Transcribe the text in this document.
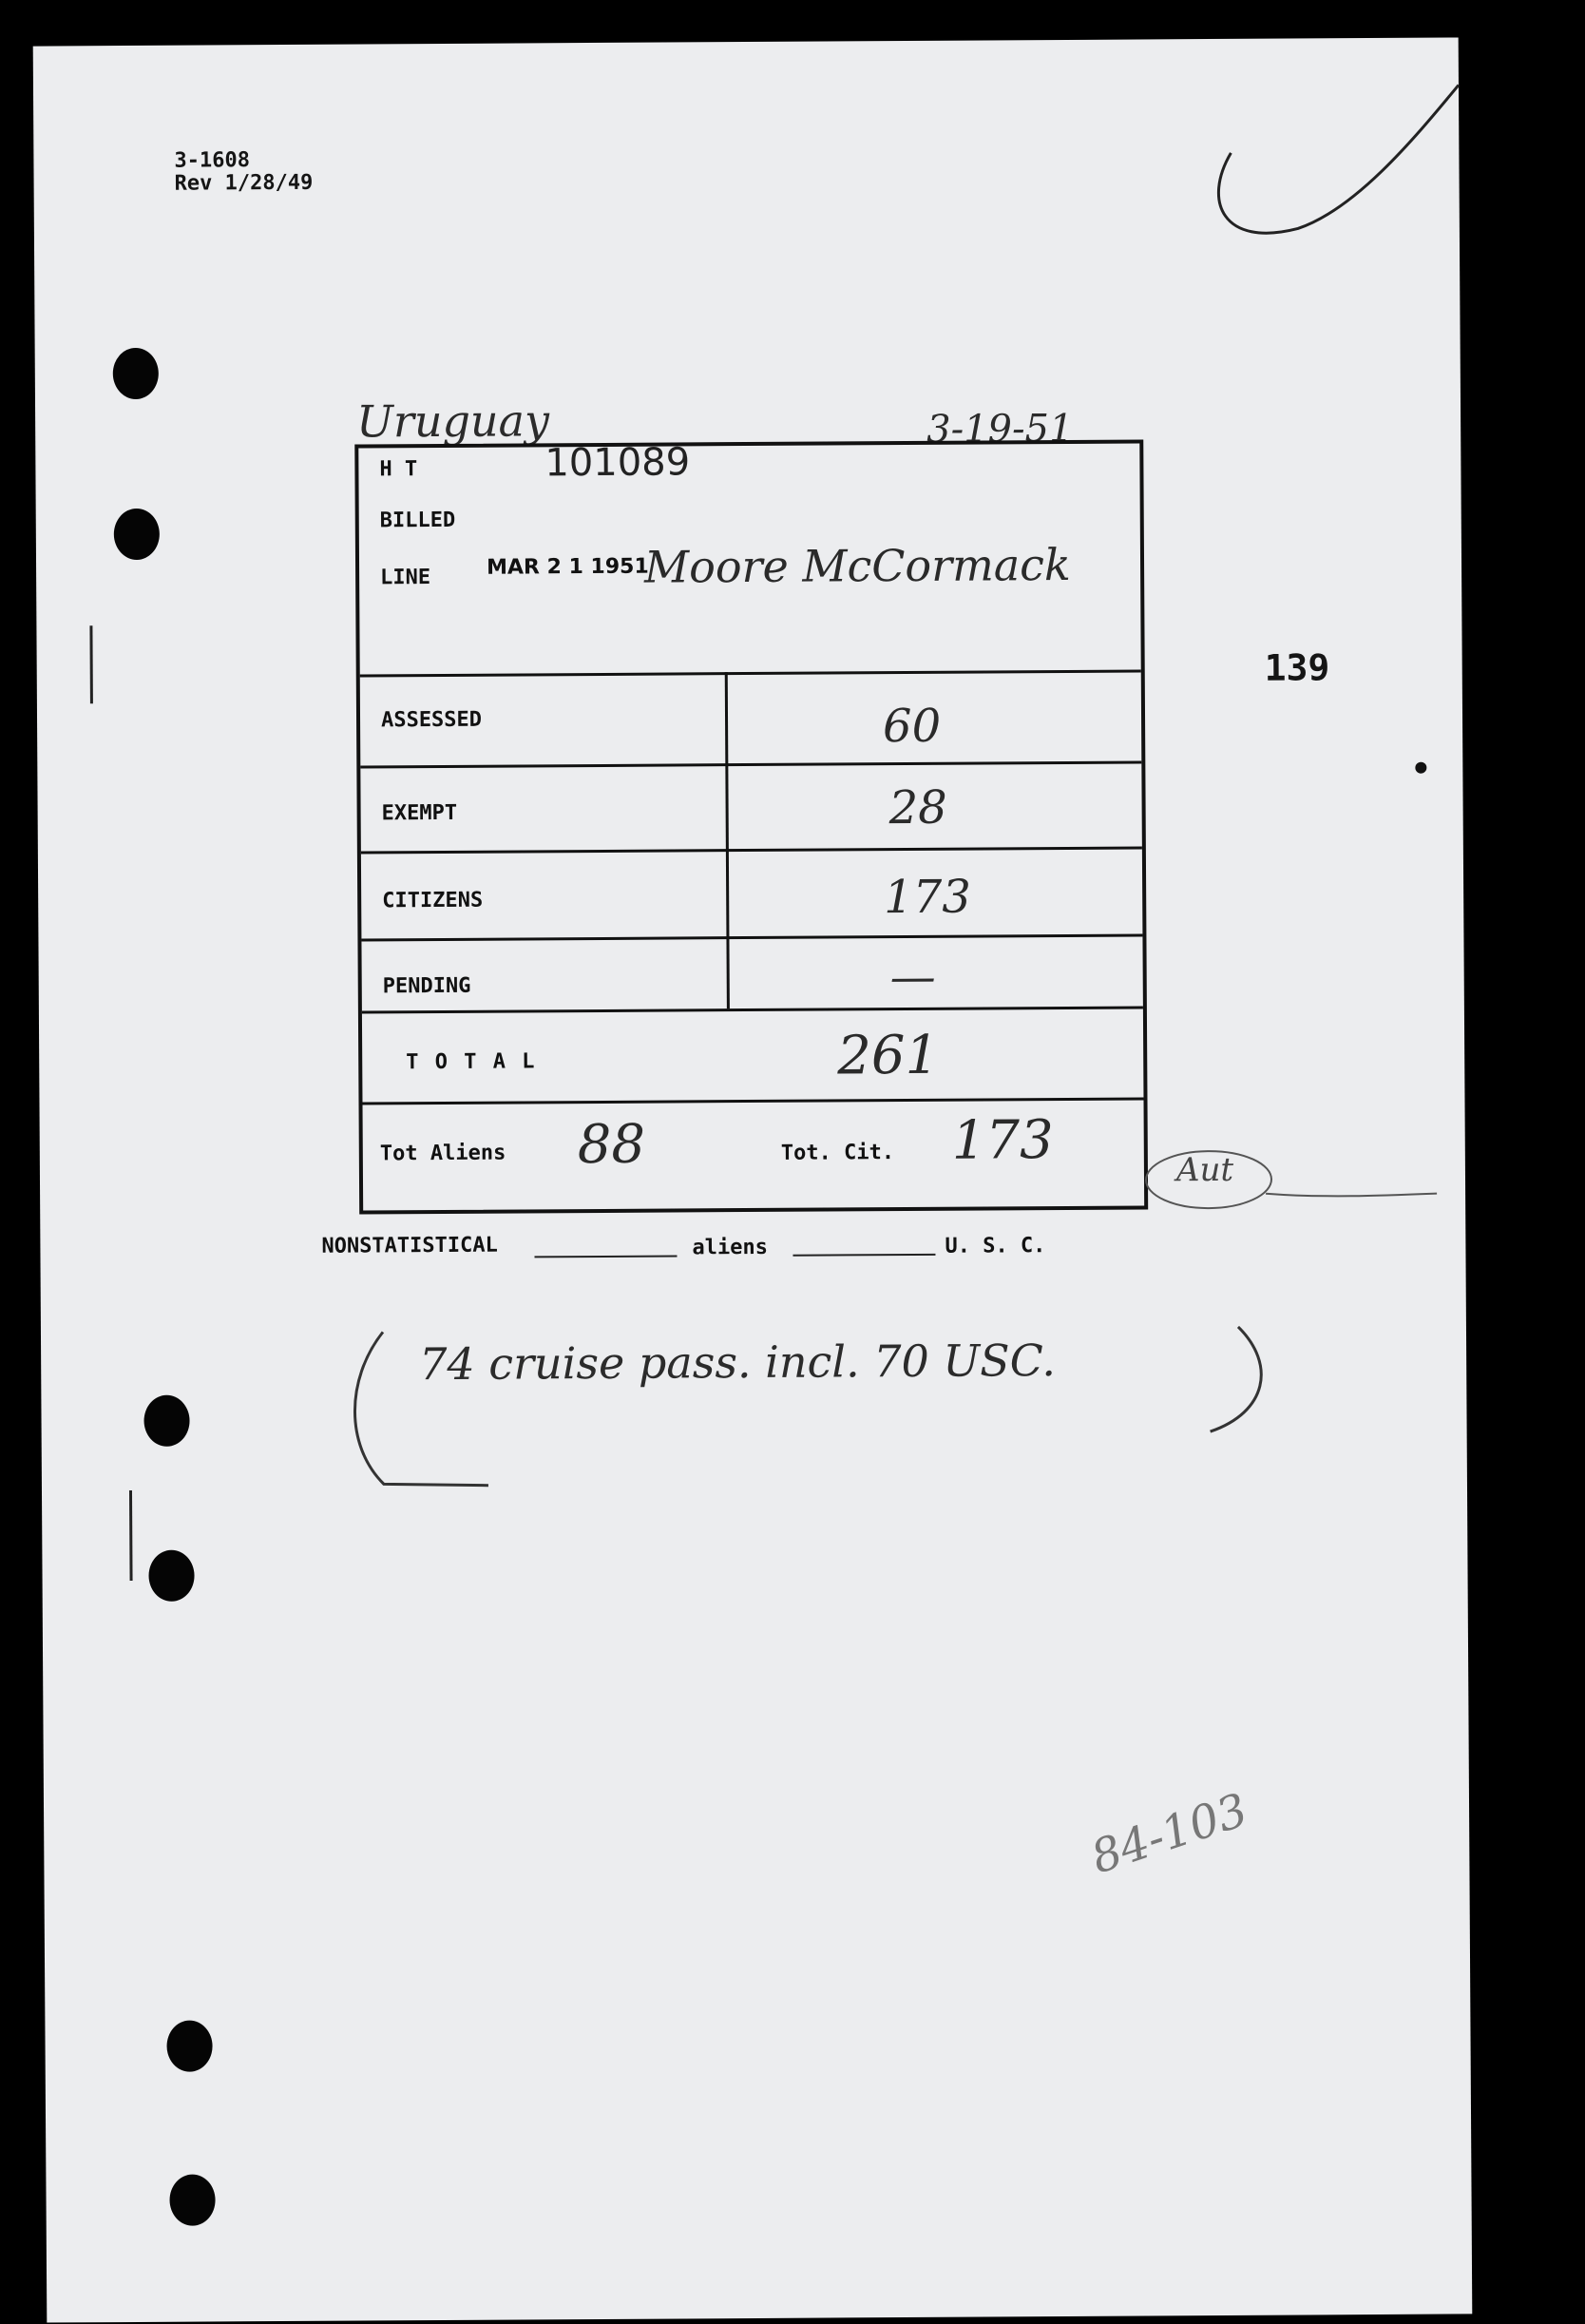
3-1608
Rev 1/28/49
Uruguay	3-19-51
139
H T	101089
BILLED
LINE	MAR 2 1 1951
Moore McCormack
ASSESSED	60
EXEMPT	28
CITIZENS	173
PENDING	—
T O T A L	261
Tot Aliens 88	Tot. Cit. 173	Aut
NONSTATISTICAL	aliens	U. S. C.
74 cruise pass. incl. 70 USC.
84-103
